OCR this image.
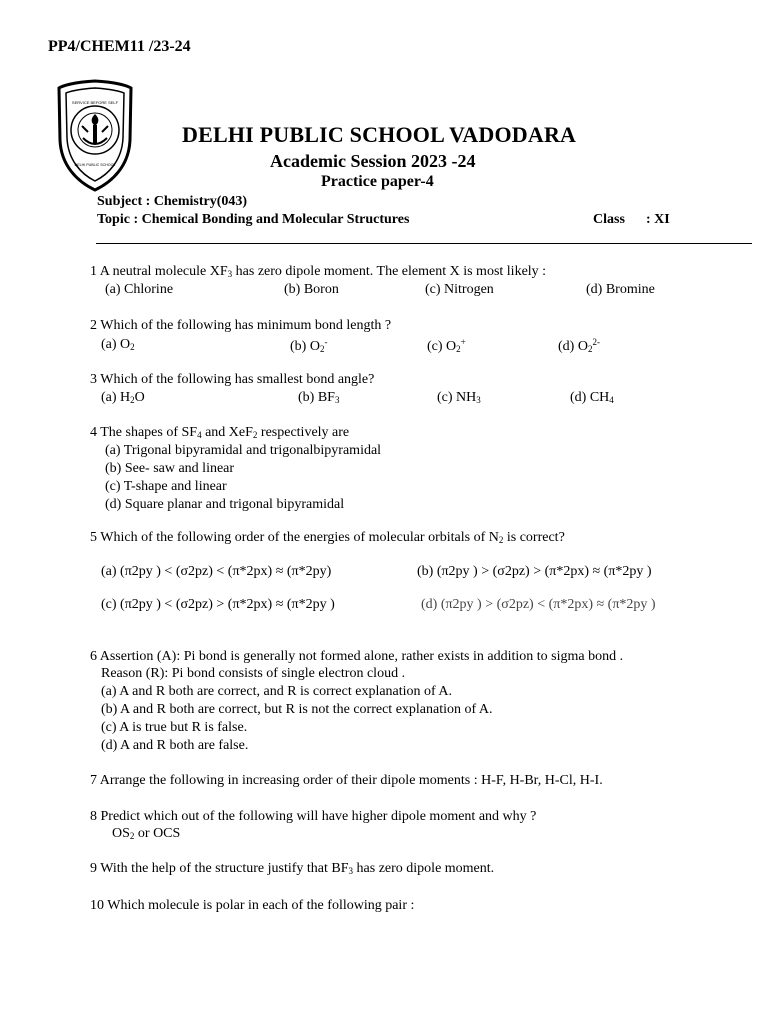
PP4/CHEM11 /23-24
SERVICE BEFORE SELF
DELHI PUBLIC SCHOOL
DELHI PUBLIC SCHOOL VADODARA
Academic Session 2023 -24
Practice paper-4
Subject : Chemistry(043)
Topic : Chemical Bonding and Molecular Structures	Class : XI
1 A neutral molecule $XF_3$ has zero dipole moment. The element X is most likely :
(a) Chlorine	(b) Boron	(c) Nitrogen	(d) Bromine
2 Which of the following has minimum bond length ?
(a) $O_2$	(b) $O_2^-$	(c) $O_2^+$	(d) $O_2^{2-}$
3 Which of the following has smallest bond angle?
(a) $H_2O$	(b) $BF_3$	(c) $NH_3$	(d) $CH_4$
4 The shapes of $SF_4$ and XeF$_2$ respectively are
(a) Trigonal bipyramidal and trigonalbipyramidal
(b) See- saw and linear
(c) T-shape and linear
(d) Square planar and trigonal bipyramidal
5 Which of the following order of the energies of molecular orbitals of $N_2$ is correct?
(a) (π2py ) < (σ2pz) < (π*2px) ≈ (π*2py)	(b) (π2py ) > (σ2pz) > (π*2px) ≈ (π*2py )
(c) (π2py ) < (σ2pz) > (π*2px) ≈ (π*2py )	(d) (π2py ) > (σ2pz) < (π*2px) ≈ (π*2py )
6 Assertion (A): Pi bond is generally not formed alone, rather exists in addition to sigma bond .
Reason (R): Pi bond consists of single electron cloud .
(a) A and R both are correct, and R is correct explanation of A.
(b) A and R both are correct, but R is not the correct explanation of A.
(c) A is true but R is false.
(d) A and R both are false.
7 Arrange the following in increasing order of their dipole moments : H-F, H-Br, H-Cl, H-I.
8 Predict which out of the following will have higher dipole moment and why ?
$OS_2$ or OCS
9 With the help of the structure justify that $BF_3$ has zero dipole moment.
10 Which molecule is polar in each of the following pair :
